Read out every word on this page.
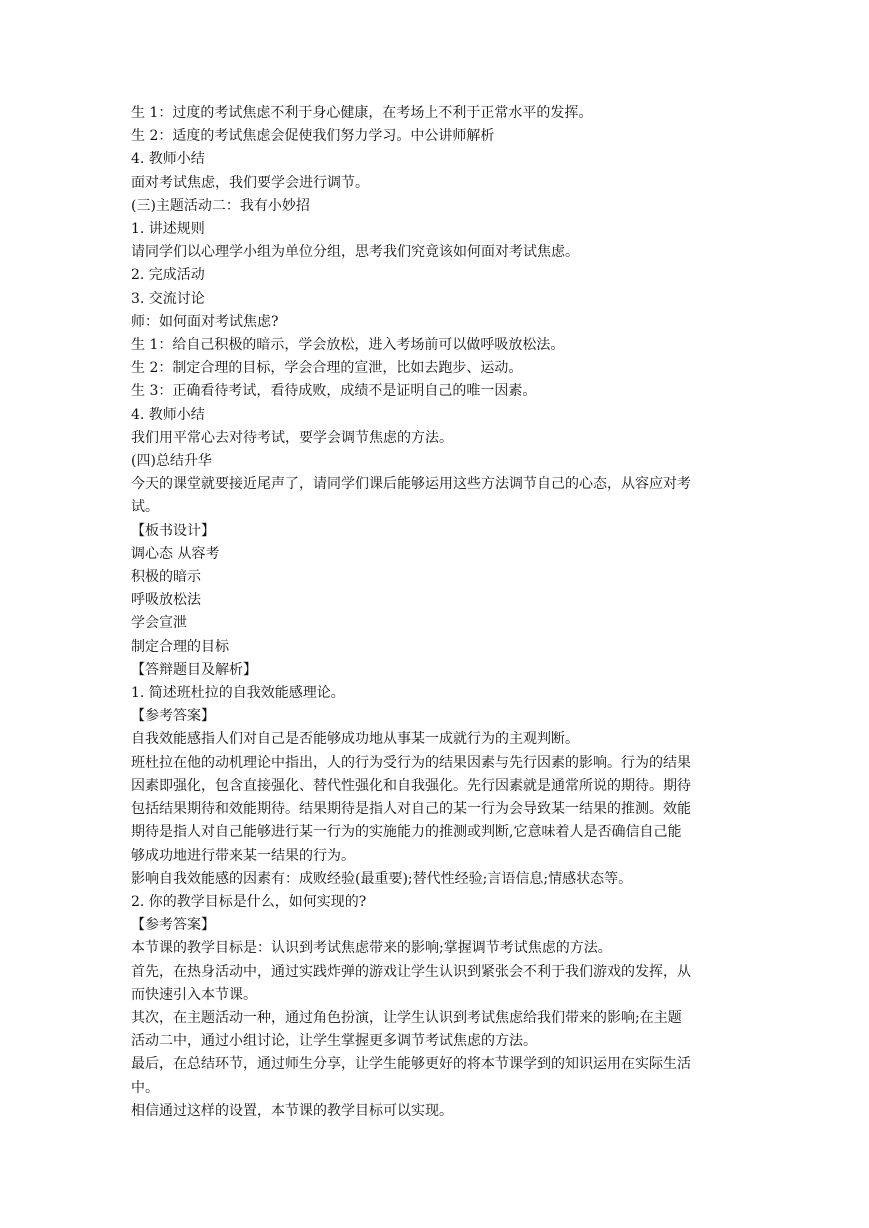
生 1：过度的考试焦虑不利于身心健康，在考场上不利于正常水平的发挥。

生 2：适度的考试焦虑会促使我们努力学习。中公讲师解析

4. 教师小结

面对考试焦虑，我们要学会进行调节。

(三)主题活动二：我有小妙招

1. 讲述规则

请同学们以心理学小组为单位分组，思考我们究竟该如何面对考试焦虑。

2. 完成活动

3. 交流讨论

师：如何面对考试焦虑?

生 1：给自己积极的暗示，学会放松，进入考场前可以做呼吸放松法。

生 2：制定合理的目标，学会合理的宣泄，比如去跑步、运动。

生 3：正确看待考试，看待成败，成绩不是证明自己的唯一因素。

4. 教师小结

我们用平常心去对待考试，要学会调节焦虑的方法。

(四)总结升华

今天的课堂就要接近尾声了，请同学们课后能够运用这些方法调节自己的心态，从容应对考

试。

【板书设计】

调心态 从容考

积极的暗示

呼吸放松法

学会宣泄

制定合理的目标

【答辩题目及解析】

1. 简述班杜拉的自我效能感理论。

【参考答案】

自我效能感指人们对自己是否能够成功地从事某一成就行为的主观判断。

班杜拉在他的动机理论中指出，人的行为受行为的结果因素与先行因素的影响。行为的结果

因素即强化，包含直接强化、替代性强化和自我强化。先行因素就是通常所说的期待。期待

包括结果期待和效能期待。结果期待是指人对自己的某一行为会导致某一结果的推测。效能

期待是指人对自己能够进行某一行为的实施能力的推测或判断,它意味着人是否确信自己能

够成功地进行带来某一结果的行为。

影响自我效能感的因素有：成败经验(最重要);替代性经验;言语信息;情感状态等。

2. 你的教学目标是什么，如何实现的?

【参考答案】

本节课的教学目标是：认识到考试焦虑带来的影响;掌握调节考试焦虑的方法。

首先，在热身活动中，通过实践炸弹的游戏让学生认识到紧张会不利于我们游戏的发挥，从

而快速引入本节课。

其次，在主题活动一种，通过角色扮演，让学生认识到考试焦虑给我们带来的影响;在主题

活动二中，通过小组讨论，让学生掌握更多调节考试焦虑的方法。

最后，在总结环节，通过师生分享，让学生能够更好的将本节课学到的知识运用在实际生活

中。

相信通过这样的设置，本节课的教学目标可以实现。
